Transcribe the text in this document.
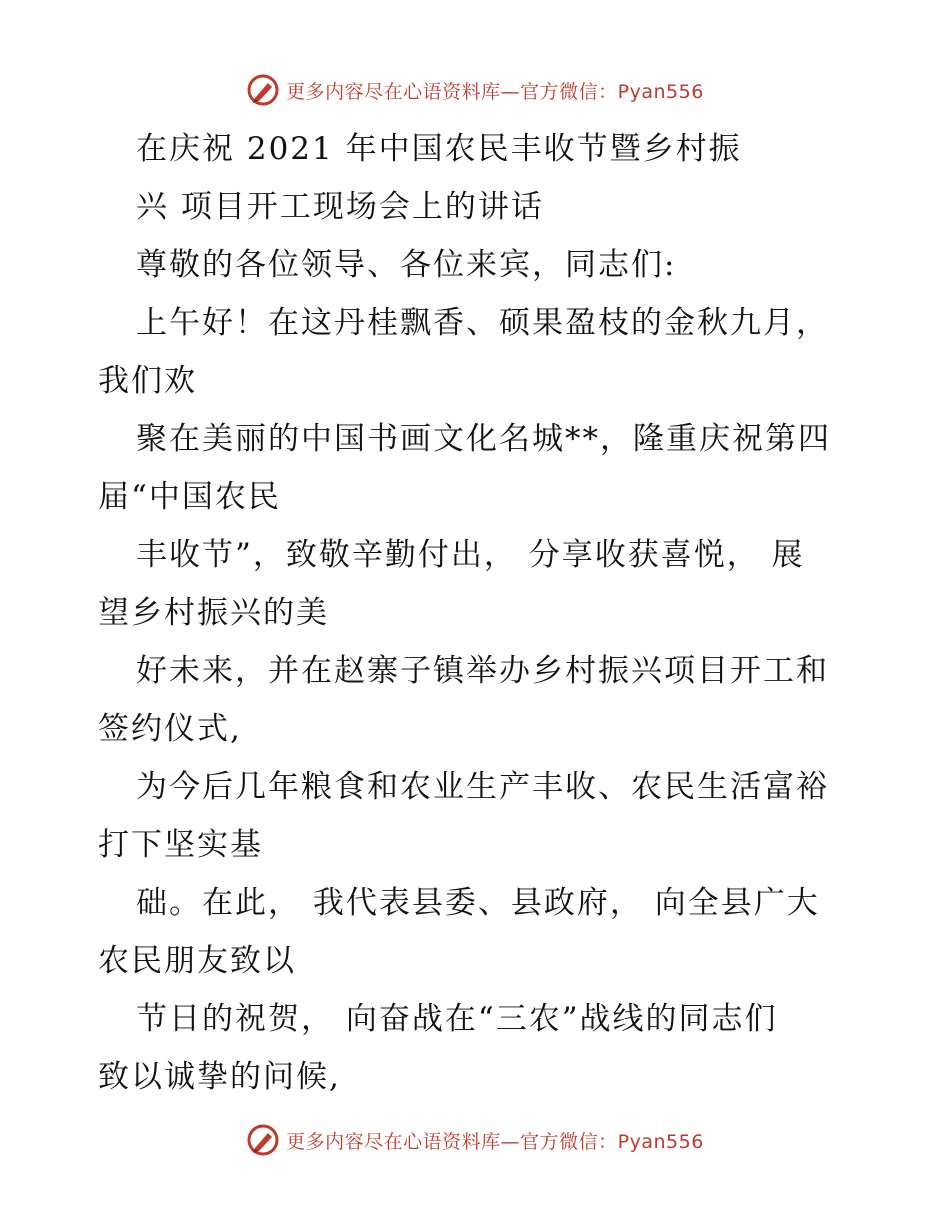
更多内容尽在心语资料库—官方微信：Pyan556
在庆祝 2021 年中国农民丰收节暨乡村振
兴 项目开工现场会上的讲话
尊敬的各位领导、各位来宾，同志们:
上午好！在这丹桂飘香、硕果盈枝的金秋九月，
我们欢
聚在美丽的中国书画文化名城**，隆重庆祝第四
届“中国农民
丰收节”，致敬辛勤付出， 分享收获喜悦， 展
望乡村振兴的美
好未来，并在赵寨子镇举办乡村振兴项目开工和
签约仪式,
为今后几年粮食和农业生产丰收、农民生活富裕
打下坚实基
础。在此， 我代表县委、县政府， 向全县广大
农民朋友致以
节日的祝贺， 向奋战在“三农”战线的同志们
致以诚挚的问候,
更多内容尽在心语资料库—官方微信：Pyan556
